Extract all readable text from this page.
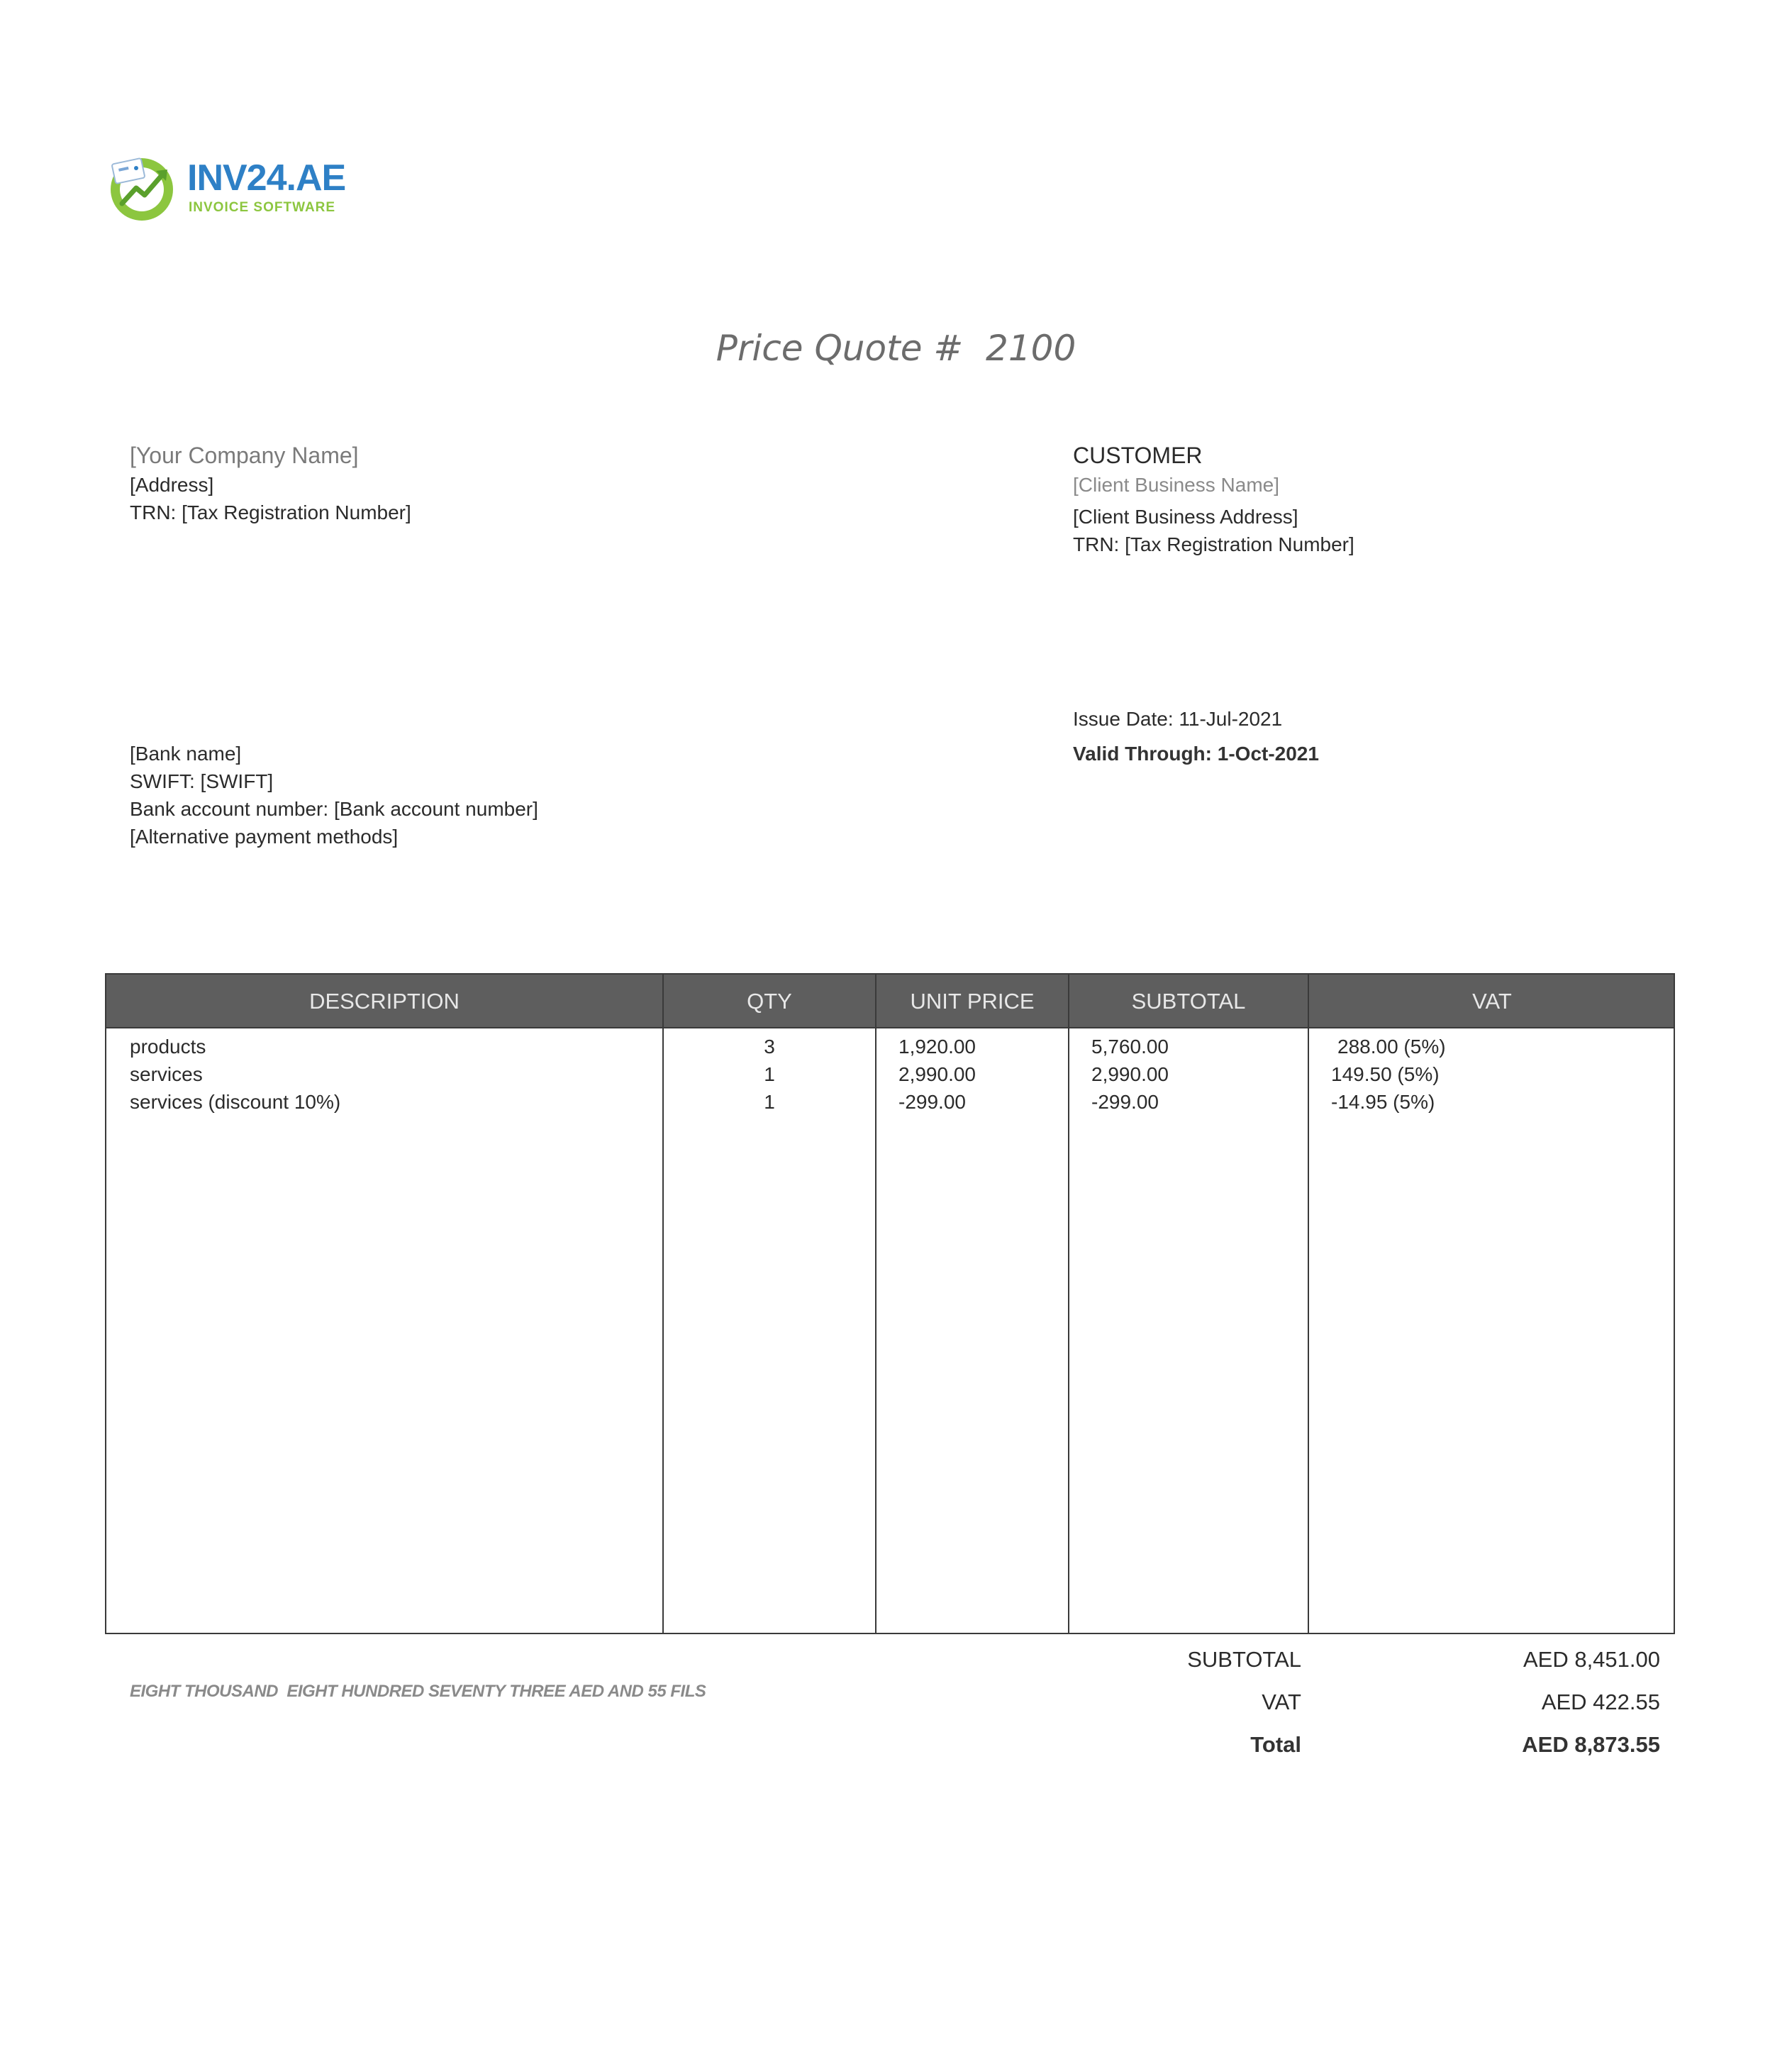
INV24.AE
INVOICE SOFTWARE
Price Quote #  2100
[Your Company Name]
[Address]
TRN: [Tax Registration Number]
CUSTOMER
[Client Business Name]
[Client Business Address]
TRN: [Tax Registration Number]
Issue Date: 11-Jul-2021
Valid Through: 1-Oct-2021
[Bank name]
SWIFT: [SWIFT]
Bank account number: [Bank account number]
[Alternative payment methods]
DESCRIPTION	QTY	UNIT PRICE	SUBTOTAL	VAT
products	3	1,920.00	5,760.00	288.00 (5%)
services	1	2,990.00	2,990.00	149.50 (5%)
services (discount 10%)	1	-299.00	-299.00	-14.95 (5%)
EIGHT THOUSAND  EIGHT HUNDRED SEVENTY THREE AED AND 55 FILS
SUBTOTAL	AED 8,451.00
VAT	AED 422.55
Total	AED 8,873.55
